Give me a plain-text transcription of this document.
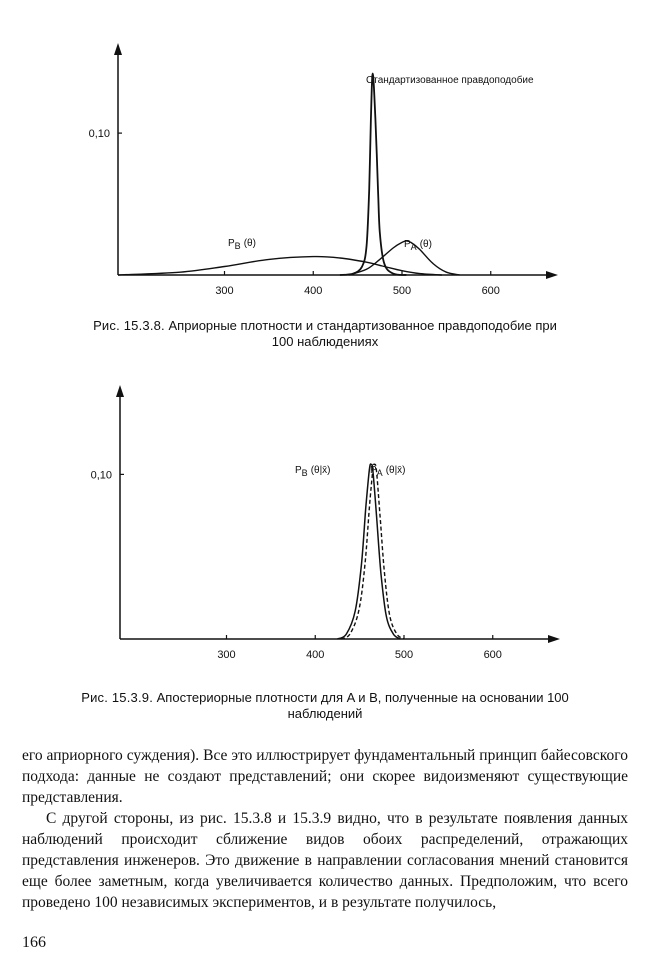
300	400	500	600
0,10
Стандартизованное правдоподобие
PB (θ)	PA (θ)
Рис. 15.3.8. Априорные плотности и стандартизованное правдоподобие при
100 наблюдениях
300	400	500	600
0,10	PB (θ|x̄)	PA (θ|x̄)
Рис. 15.3.9. Апостериорные плотности для A и B, полученные на основании 100
наблюдений

его априорного суждения). Все это иллюстрирует фундаментальный принцип байесовского подхода: данные не создают представлений; они скорее видоизменяют существующие представления.

С другой стороны, из рис. 15.3.8 и 15.3.9 видно, что в результате появления данных наблюдений происходит сближение видов обоих распределений, отражающих представления инженеров. Это движение в направлении согласования мнений становится еще более заметным, когда увеличивается количество данных. Предположим, что всего проведено 100 независимых экспериментов, и в результате получилось,

166
